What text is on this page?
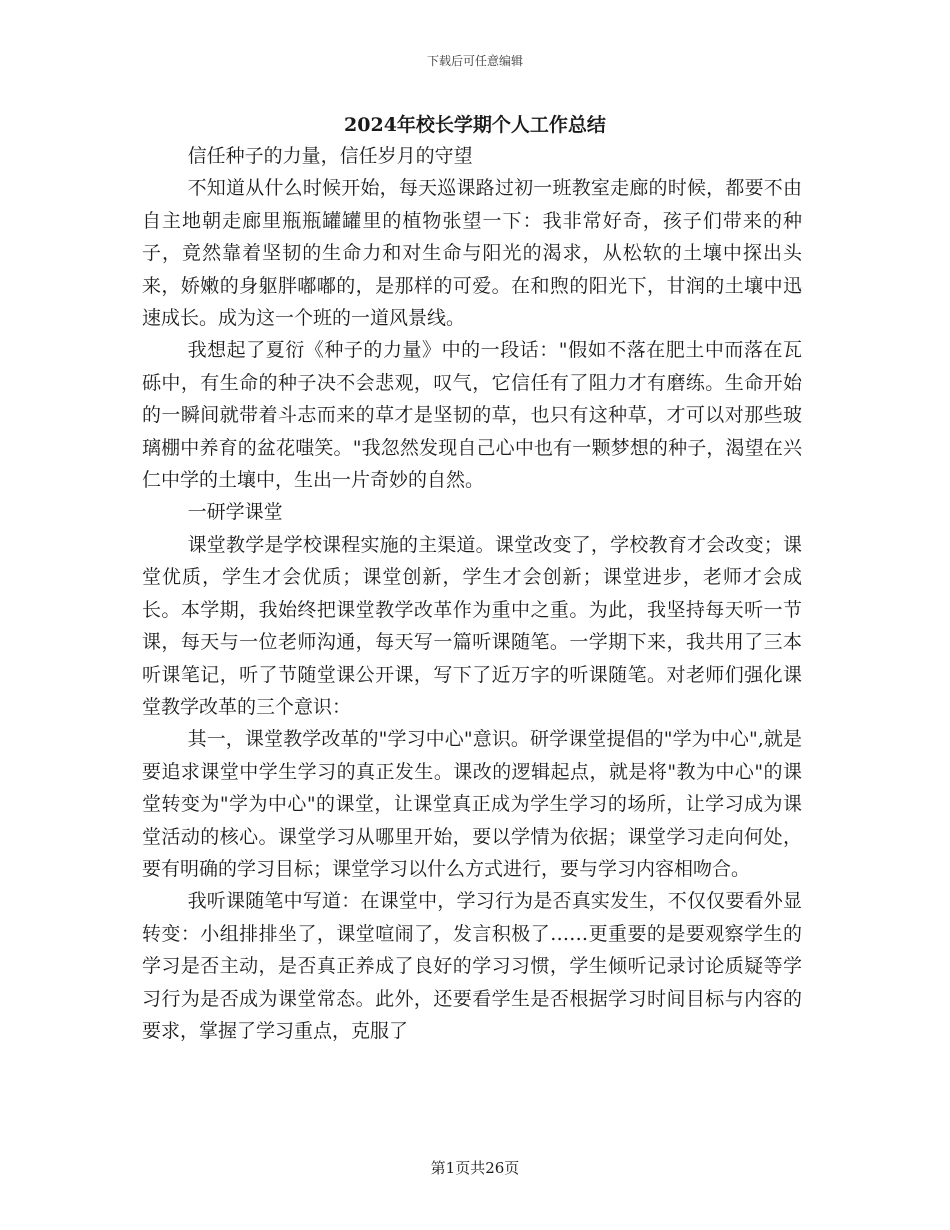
下载后可任意编辑
2024年校长学期个人工作总结

信任种子的力量，信任岁月的守望

不知道从什么时候开始，每天巡课路过初一班教室走廊的时候，都要不由自主地朝走廊里瓶瓶罐罐里的植物张望一下：我非常好奇，孩子们带来的种子，竟然靠着坚韧的生命力和对生命与阳光的渴求，从松软的土壤中探出头来，娇嫩的身躯胖嘟嘟的，是那样的可爱。在和煦的阳光下，甘润的土壤中迅速成长。成为这一个班的一道风景线。

我想起了夏衍《种子的力量》中的一段话："假如不落在肥土中而落在瓦砾中，有生命的种子决不会悲观，叹气，它信任有了阻力才有磨练。生命开始的一瞬间就带着斗志而来的草才是坚韧的草，也只有这种草，才可以对那些玻璃棚中养育的盆花嗤笑。"我忽然发现自己心中也有一颗梦想的种子，渴望在兴仁中学的土壤中，生出一片奇妙的自然。

一研学课堂

课堂教学是学校课程实施的主渠道。课堂改变了，学校教育才会改变；课堂优质，学生才会优质；课堂创新，学生才会创新；课堂进步，老师才会成长。本学期，我始终把课堂教学改革作为重中之重。为此，我坚持每天听一节课，每天与一位老师沟通，每天写一篇听课随笔。一学期下来，我共用了三本听课笔记，听了节随堂课公开课，写下了近万字的听课随笔。对老师们强化课堂教学改革的三个意识：

其一，课堂教学改革的"学习中心"意识。研学课堂提倡的"学为中心",就是要追求课堂中学生学习的真正发生。课改的逻辑起点，就是将"教为中心"的课堂转变为"学为中心"的课堂，让课堂真正成为学生学习的场所，让学习成为课堂活动的核心。课堂学习从哪里开始，要以学情为依据；课堂学习走向何处，要有明确的学习目标；课堂学习以什么方式进行，要与学习内容相吻合。

我听课随笔中写道：在课堂中，学习行为是否真实发生，不仅仅要看外显转变：小组排排坐了，课堂喧闹了，发言积极了……更重要的是要观察学生的学习是否主动，是否真正养成了良好的学习习惯，学生倾听记录讨论质疑等学习行为是否成为课堂常态。此外，还要看学生是否根据学习时间目标与内容的要求，掌握了学习重点，克服了

第1页共26页
